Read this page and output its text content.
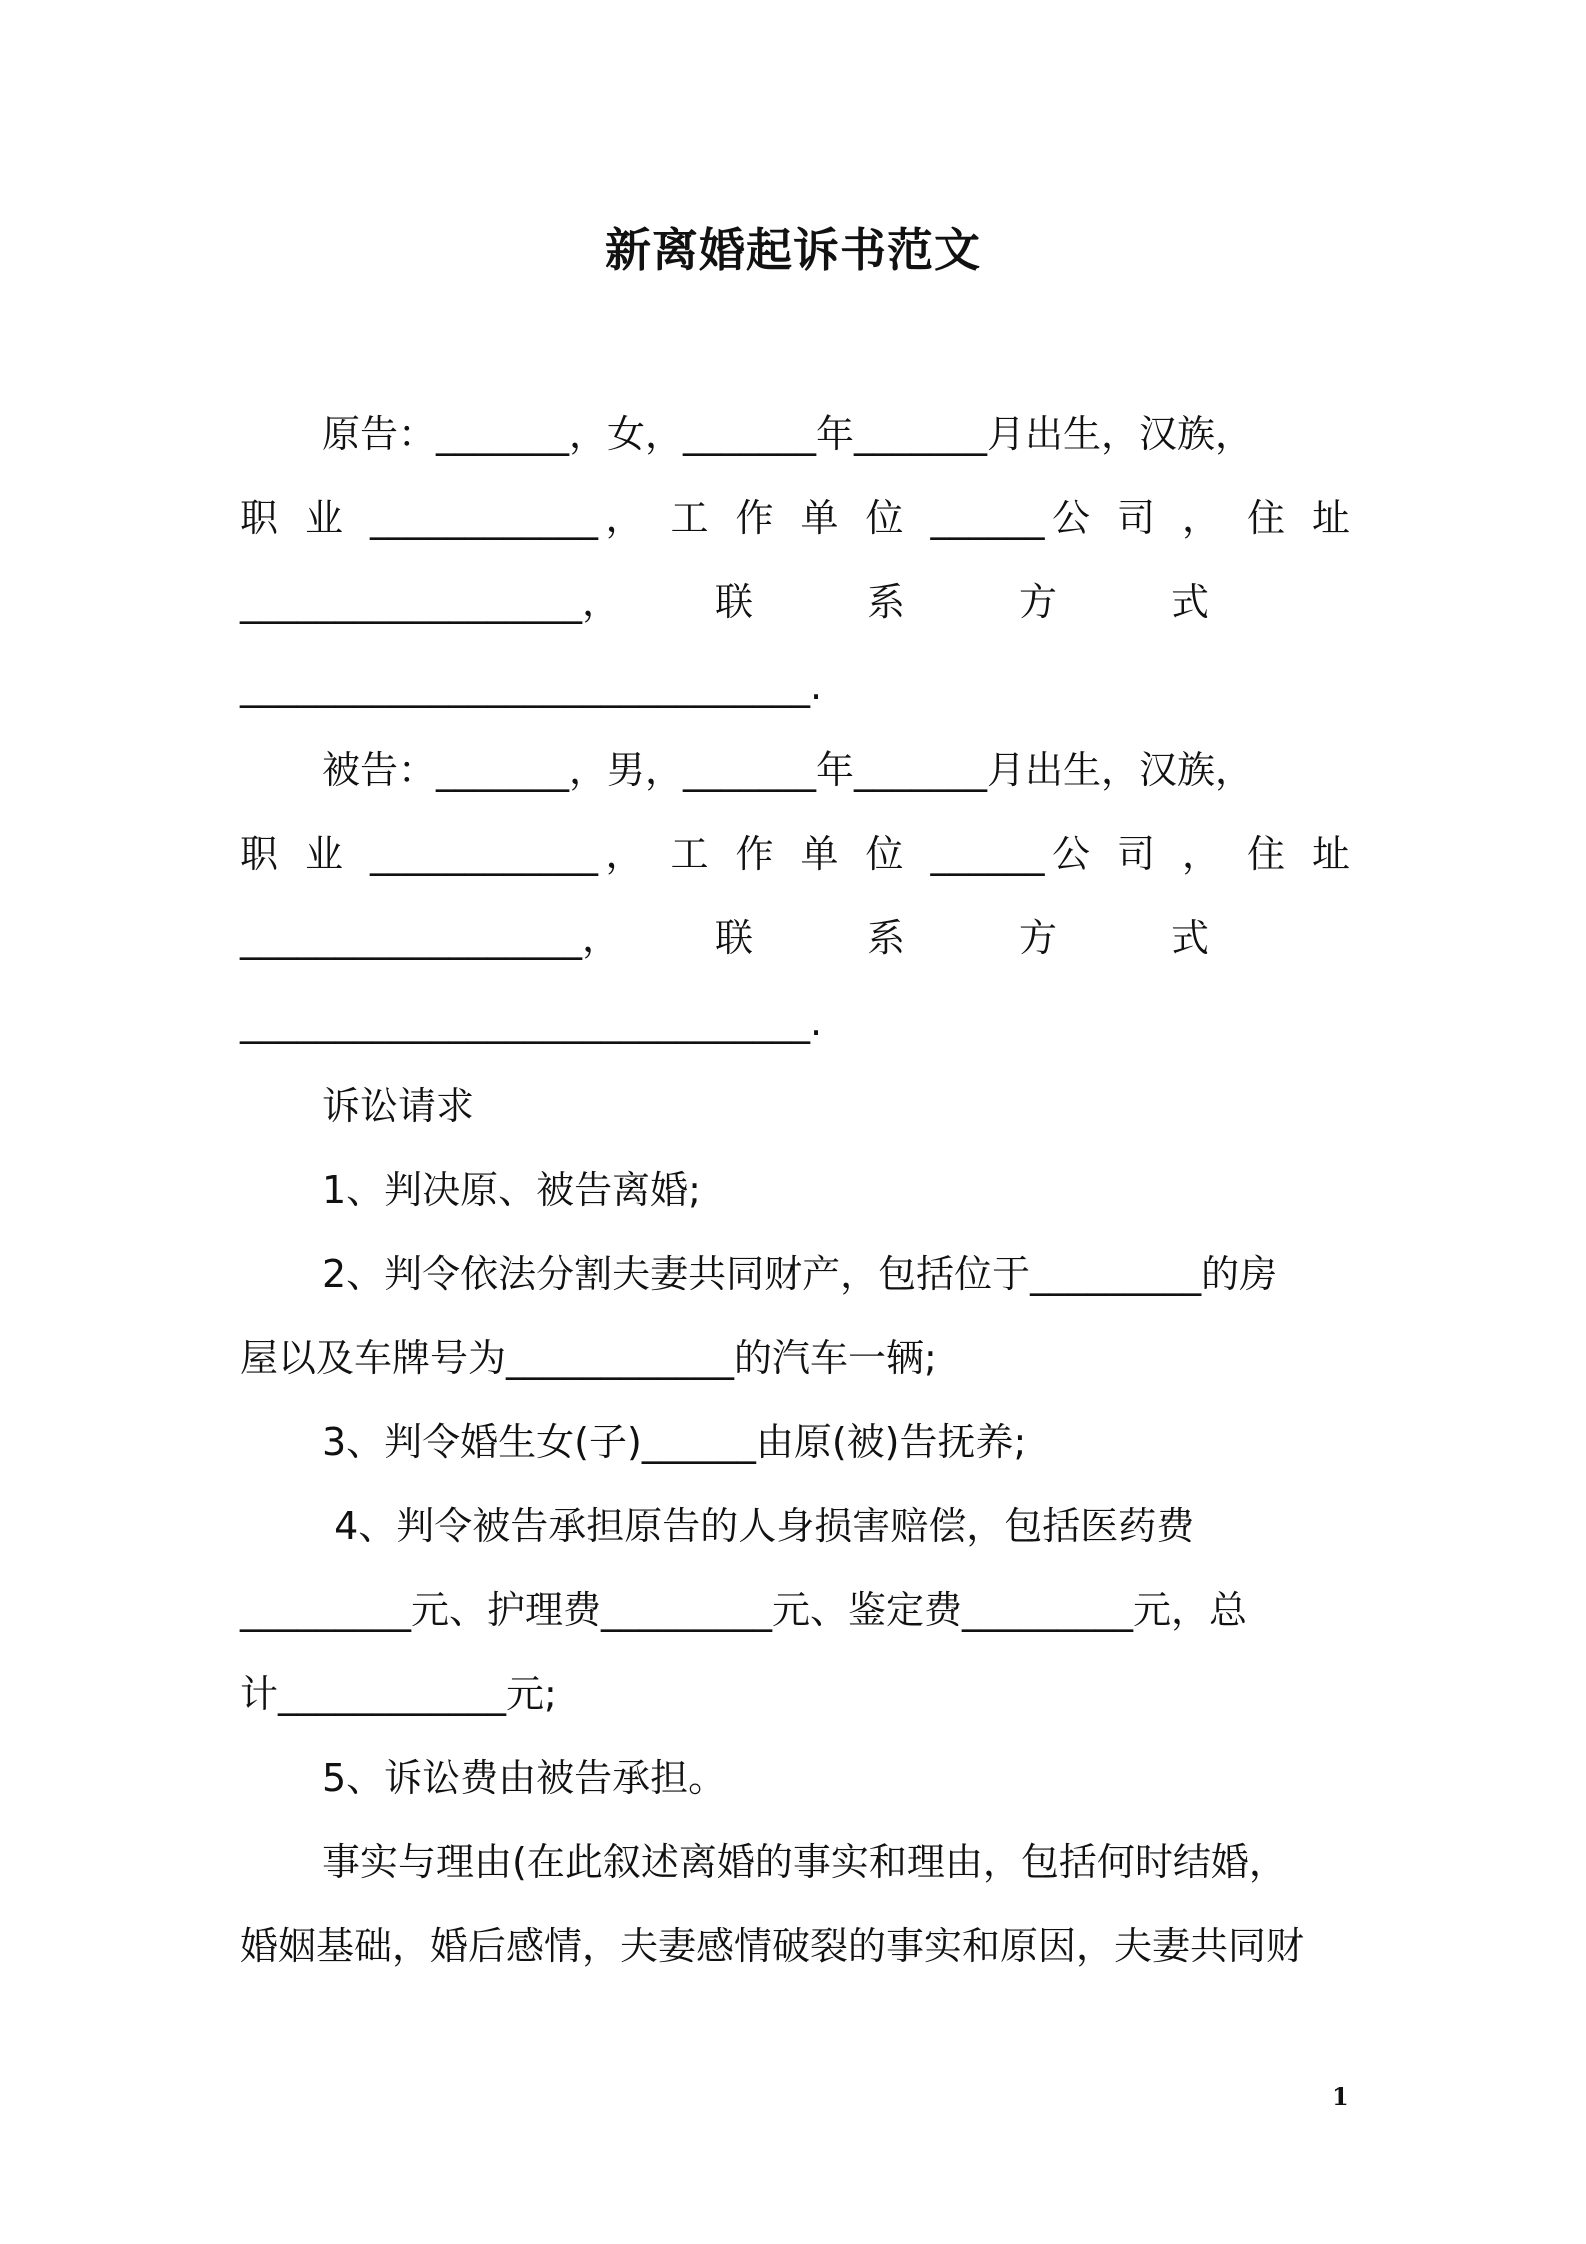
新离婚起诉书范文
原告：_______，女，_______年_______月出生，汉族，
职 业 ____________， 工 作 单 位 ______公 司 ， 住 址
__________________，　　　联　　　系　　　方　　　式
______________________________.
被告：_______，男，_______年_______月出生，汉族，
职 业 ____________， 工 作 单 位 ______公 司 ， 住 址
__________________，　　　联　　　系　　　方　　　式
______________________________.
诉讼请求
1、判决原、被告离婚;
2、判令依法分割夫妻共同财产，包括位于_________的房
屋以及车牌号为____________的汽车一辆;
3、判令婚生女(子)______由原(被)告抚养;
4、判令被告承担原告的人身损害赔偿，包括医药费
_________元、护理费_________元、鉴定费_________元，总
计____________元;
5、诉讼费由被告承担。
事实与理由(在此叙述离婚的事实和理由，包括何时结婚，
婚姻基础，婚后感情，夫妻感情破裂的事实和原因，夫妻共同财
1
